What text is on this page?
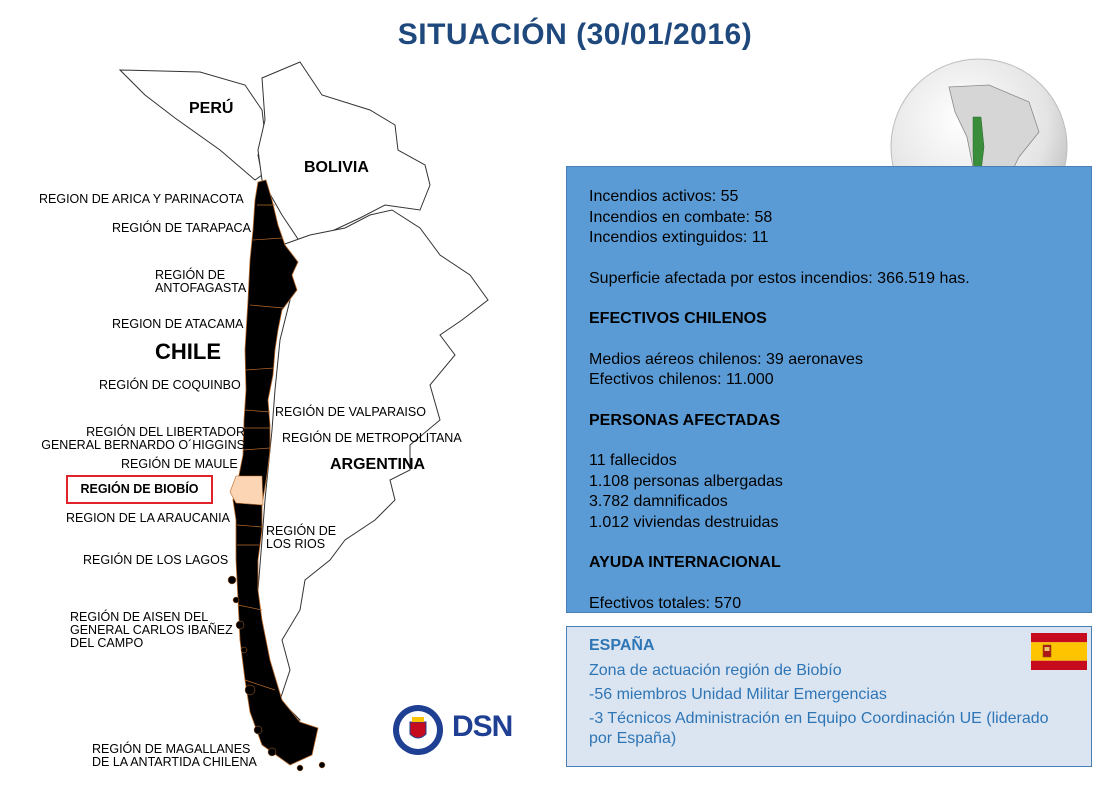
SITUACIÓN (30/01/2016)
PERÚ
BOLIVIA
CHILE
ARGENTINA
REGION DE ARICA Y PARINACOTA
REGIÓN DE TARAPACA
REGIÓN DE
ANTOFAGASTA
REGION DE ATACAMA
REGIÓN DE COQUINBO
REGIÓN DE VALPARAISO
REGIÓN DEL LIBERTADOR
GENERAL BERNARDO O´HIGGINS	REGIÓN DE METROPOLITANA
REGIÓN DE MAULE
REGIÓN DE BIOBÍO
REGION DE LA ARAUCANIA
REGIÓN DE
LOS RIOS
REGIÓN DE LOS LAGOS
REGIÓN DE AISEN DEL
GENERAL CARLOS IBAÑEZ
DEL CAMPO
REGIÓN DE MAGALLANES
DE LA ANTARTIDA CHILENA
Incendios activos: 55
Incendios en combate: 58
Incendios extinguidos: 11
Superficie afectada por estos incendios: 366.519 has.
EFECTIVOS CHILENOS
Medios aéreos chilenos: 39 aeronaves
Efectivos chilenos: 11.000
PERSONAS AFECTADAS
11 fallecidos
1.108 personas albergadas
3.782 damnificados
1.012 viviendas destruidas
AYUDA INTERNACIONAL
Efectivos totales: 570
ESPAÑA
Zona de actuación región de Biobío
-56 miembros Unidad Militar Emergencias
-3 Técnicos Administración en Equipo Coordinación UE (liderado por España)
DSN
